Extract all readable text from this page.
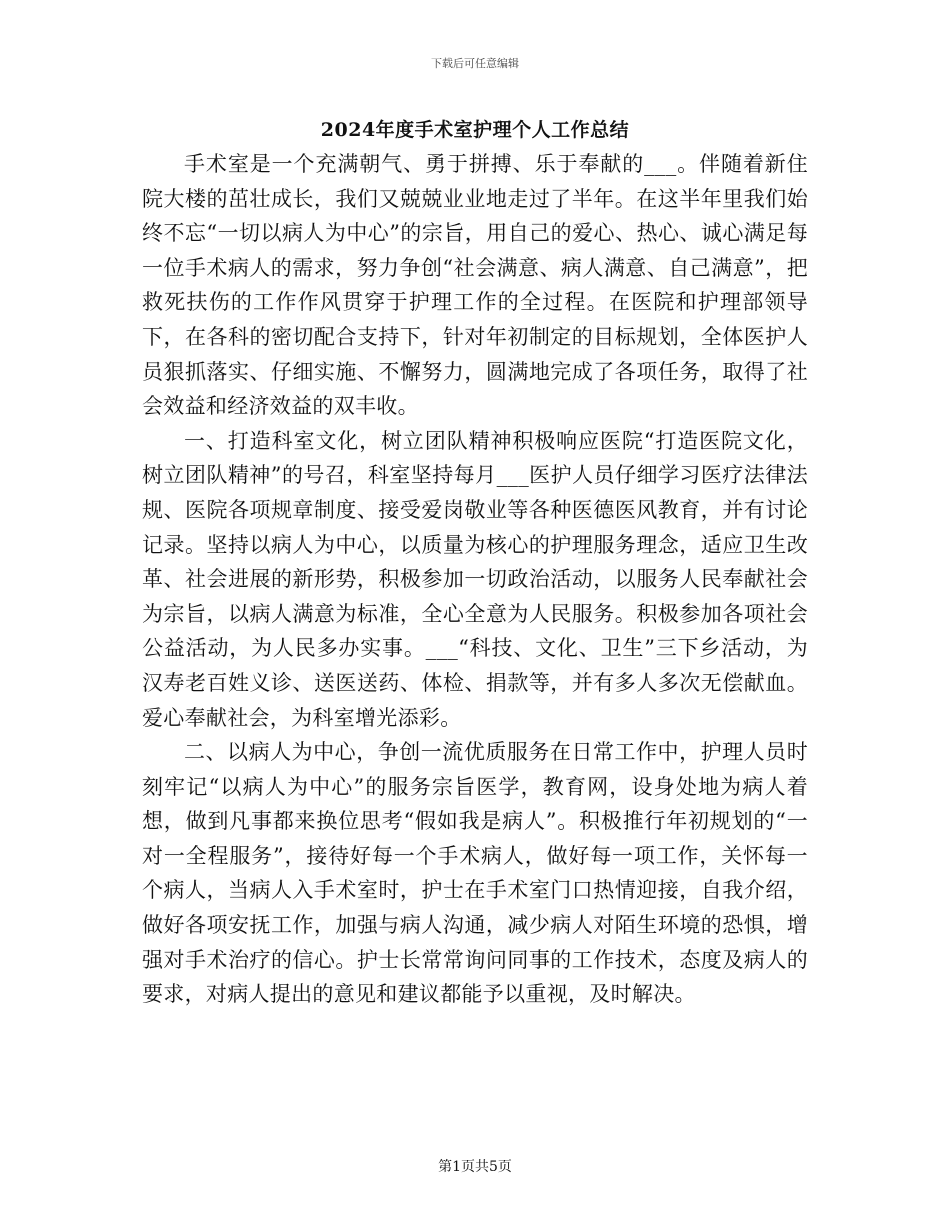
下载后可任意编辑
2024年度手术室护理个人工作总结

手术室是一个充满朝气、勇于拼搏、乐于奉献的___。伴随着新住院大楼的茁壮成长，我们又兢兢业业地走过了半年。在这半年里我们始终不忘“一切以病人为中心”的宗旨，用自己的爱心、热心、诚心满足每一位手术病人的需求，努力争创“社会满意、病人满意、自己满意”，把救死扶伤的工作作风贯穿于护理工作的全过程。在医院和护理部领导下，在各科的密切配合支持下，针对年初制定的目标规划，全体医护人员狠抓落实、仔细实施、不懈努力，圆满地完成了各项任务，取得了社会效益和经济效益的双丰收。

一、打造科室文化，树立团队精神积极响应医院“打造医院文化，树立团队精神”的号召，科室坚持每月___医护人员仔细学习医疗法律法规、医院各项规章制度、接受爱岗敬业等各种医德医风教育，并有讨论记录。坚持以病人为中心，以质量为核心的护理服务理念，适应卫生改革、社会进展的新形势，积极参加一切政治活动，以服务人民奉献社会为宗旨，以病人满意为标准，全心全意为人民服务。积极参加各项社会公益活动，为人民多办实事。___“科技、文化、卫生”三下乡活动，为汉寿老百姓义诊、送医送药、体检、捐款等，并有多人多次无偿献血。爱心奉献社会，为科室增光添彩。

二、以病人为中心，争创一流优质服务在日常工作中，护理人员时刻牢记“以病人为中心”的服务宗旨医学，教育网，设身处地为病人着想，做到凡事都来换位思考“假如我是病人”。积极推行年初规划的“一对一全程服务”，接待好每一个手术病人，做好每一项工作，关怀每一个病人，当病人入手术室时，护士在手术室门口热情迎接，自我介绍，做好各项安抚工作，加强与病人沟通，减少病人对陌生环境的恐惧，增强对手术治疗的信心。护士长常常询问同事的工作技术，态度及病人的要求，对病人提出的意见和建议都能予以重视，及时解决。

第1页共5页
